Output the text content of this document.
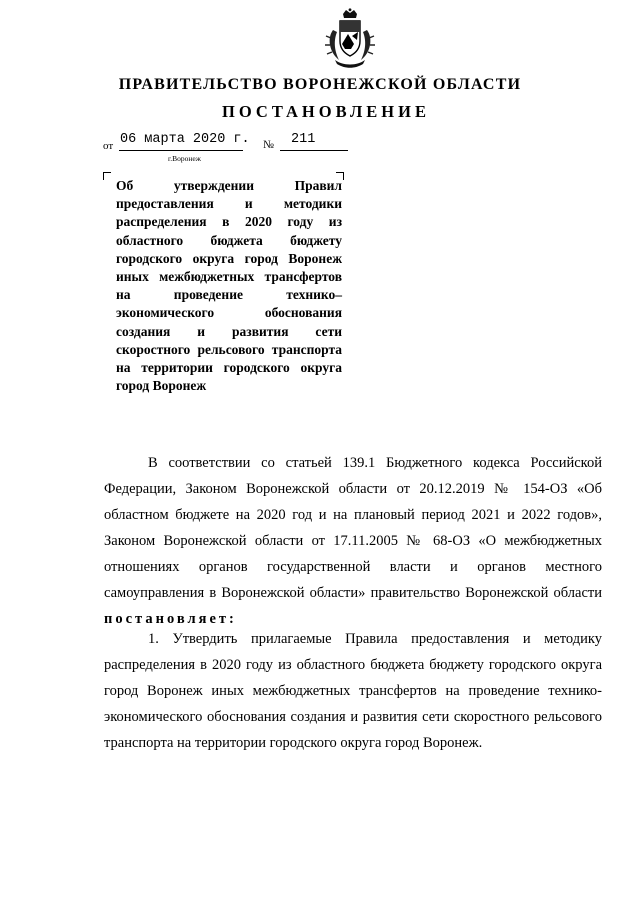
ПРАВИТЕЛЬСТВО ВОРОНЕЖСКОЙ ОБЛАСТИ
ПОСТАНОВЛЕНИЕ
от 06 марта 2020 г. № 211
г.Воронеж

Об утверждении Правил предоставления и методики распределения в 2020 году из областного бюджета бюджету городского округа город Воронеж иных межбюджетных трансфертов на проведение технико–экономического обоснования создания и развития сети скоростного рельсового транспорта на территории городского округа город Воронеж

В соответствии со статьей 139.1 Бюджетного кодекса Российской Федерации, Законом Воронежской области от 20.12.2019 № 154-ОЗ «Об областном бюджете на 2020 год и на плановый период 2021 и 2022 годов», Законом Воронежской области от 17.11.2005 № 68-ОЗ «О межбюджетных отношениях органов государственной власти и органов местного самоуправления в Воронежской области» правительство Воронежской области постановляет:

1. Утвердить прилагаемые Правила предоставления и методику распределения в 2020 году из областного бюджета бюджету городского округа город Воронеж иных межбюджетных трансфертов на проведение технико-экономического обоснования создания и развития сети скоростного рельсового транспорта на территории городского округа город Воронеж.
